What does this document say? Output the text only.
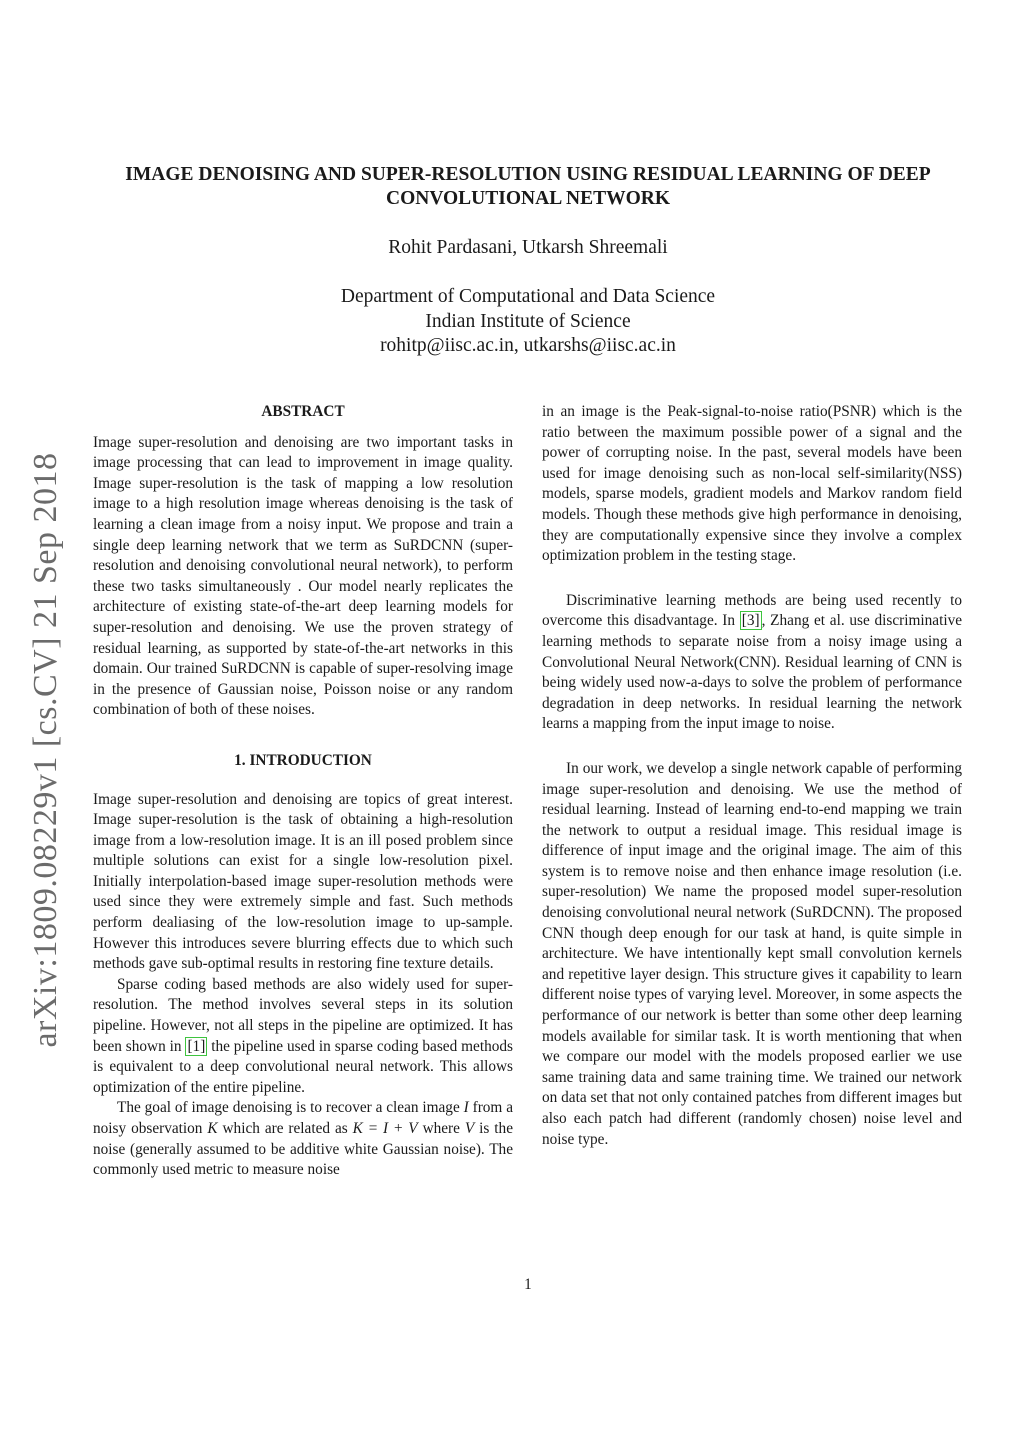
arXiv:1809.08229v1 [cs.CV] 21 Sep 2018
IMAGE DENOISING AND SUPER-RESOLUTION USING RESIDUAL LEARNING OF DEEP
CONVOLUTIONAL NETWORK
Rohit Pardasani, Utkarsh Shreemali
Department of Computational and Data Science
Indian Institute of Science
rohitp@iisc.ac.in, utkarshs@iisc.ac.in
ABSTRACT

Image super-resolution and denoising are two important tasks in image processing that can lead to improvement in image quality. Image super-resolution is the task of mapping a low resolution image to a high resolution image whereas denoising is the task of learning a clean image from a noisy input. We propose and train a single deep learning network that we term as SuRDCNN (super-resolution and denoising convolutional neural network), to perform these two tasks simultaneously . Our model nearly replicates the architecture of existing state-of-the-art deep learning models for super-resolution and denoising. We use the proven strategy of residual learning, as supported by state-of-the-art networks in this domain. Our trained SuRDCNN is capable of super-resolving image in the presence of Gaussian noise, Poisson noise or any random combination of both of these noises.

1. INTRODUCTION

Image super-resolution and denoising are topics of great interest. Image super-resolution is the task of obtaining a high-resolution image from a low-resolution image. It is an ill posed problem since multiple solutions can exist for a single low-resolution pixel. Initially interpolation-based image super-resolution methods were used since they were extremely simple and fast. Such methods perform dealiasing of the low-resolution image to up-sample. However this introduces severe blurring effects due to which such methods gave sub-optimal results in restoring fine texture details.

Sparse coding based methods are also widely used for super-resolution. The method involves several steps in its solution pipeline. However, not all steps in the pipeline are optimized. It has been shown in [1] the pipeline used in sparse coding based methods is equivalent to a deep convolutional neural network. This allows optimization of the entire pipeline.

The goal of image denoising is to recover a clean image I from a noisy observation K which are related as K = I + V where V is the noise (generally assumed to be additive white Gaussian noise). The commonly used metric to measure noise

in an image is the Peak-signal-to-noise ratio(PSNR) which is the ratio between the maximum possible power of a signal and the power of corrupting noise. In the past, several models have been used for image denoising such as non-local self-similarity(NSS) models, sparse models, gradient models and Markov random field models. Though these methods give high performance in denoising, they are computationally expensive since they involve a complex optimization problem in the testing stage.

Discriminative learning methods are being used recently to overcome this disadvantage. In [3] , Zhang et al. use discriminative learning methods to separate noise from a noisy image using a Convolutional Neural Network(CNN). Residual learning of CNN is being widely used now-a-days to solve the problem of performance degradation in deep networks. In residual learning the network learns a mapping from the input image to noise.

In our work, we develop a single network capable of performing image super-resolution and denoising. We use the method of residual learning. Instead of learning end-to-end mapping we train the network to output a residual image. This residual image is difference of input image and the original image. The aim of this system is to remove noise and then enhance image resolution (i.e. super-resolution) We name the proposed model super-resolution denoising convolutional neural network (SuRDCNN). The proposed CNN though deep enough for our task at hand, is quite simple in architecture. We have intentionally kept small convolution kernels and repetitive layer design. This structure gives it capability to learn different noise types of varying level. Moreover, in some aspects the performance of our network is better than some other deep learning models available for similar task. It is worth mentioning that when we compare our model with the models proposed earlier we use same training data and same training time. We trained our network on data set that not only contained patches from different images but also each patch had different (randomly chosen) noise level and noise type.

1
